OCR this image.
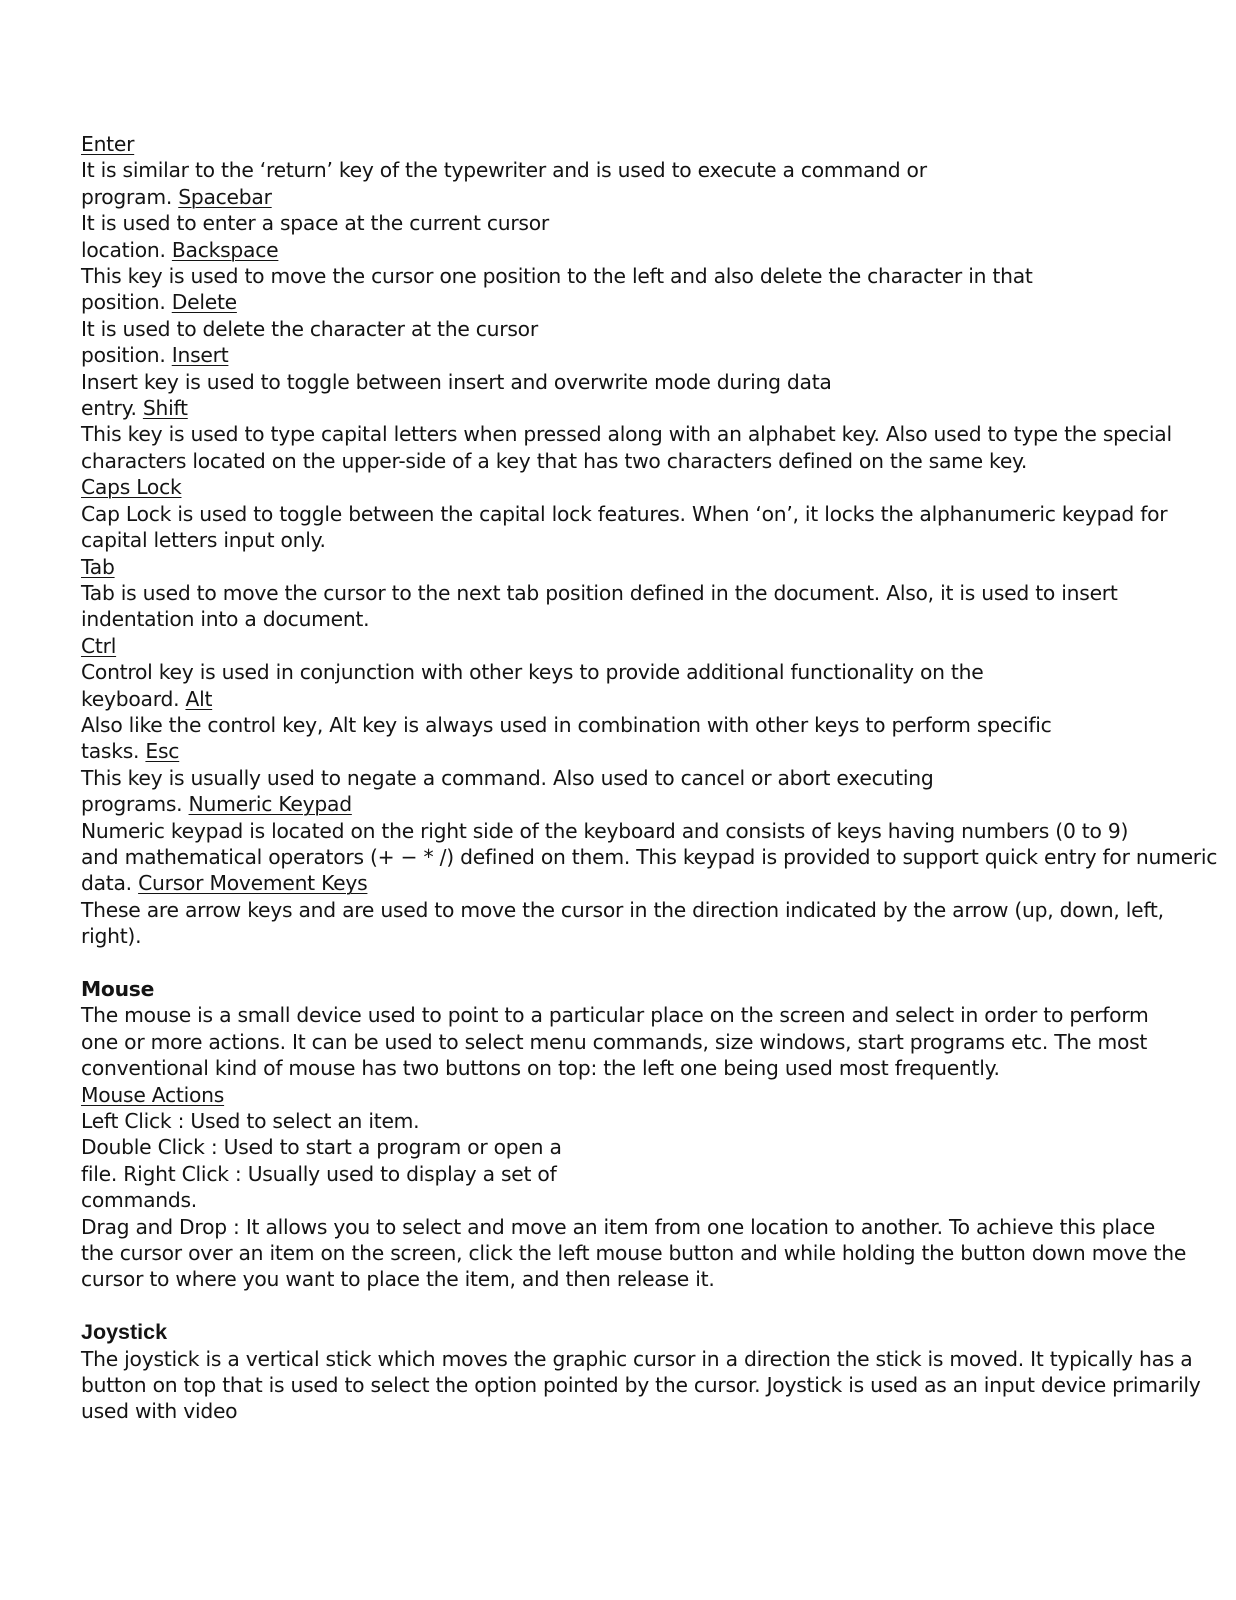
Enter
It is similar to the ‘return’ key of the typewriter and is used to execute a command or
program. Spacebar
It is used to enter a space at the current cursor
location. Backspace
This key is used to move the cursor one position to the left and also delete the character in that
position. Delete
It is used to delete the character at the cursor
position. Insert
Insert key is used to toggle between insert and overwrite mode during data
entry. Shift
This key is used to type capital letters when pressed along with an alphabet key. Also used to type the special
characters located on the upper-side of a key that has two characters defined on the same key.
Caps Lock
Cap Lock is used to toggle between the capital lock features. When ‘on’, it locks the alphanumeric keypad for
capital letters input only.
Tab
Tab is used to move the cursor to the next tab position defined in the document. Also, it is used to insert
indentation into a document.
Ctrl
Control key is used in conjunction with other keys to provide additional functionality on the
keyboard. Alt
Also like the control key, Alt key is always used in combination with other keys to perform specific
tasks. Esc
This key is usually used to negate a command. Also used to cancel or abort executing
programs. Numeric Keypad
Numeric keypad is located on the right side of the keyboard and consists of keys having numbers (0 to 9)
and mathematical operators (+ − * /) defined on them. This keypad is provided to support quick entry for numeric
data. Cursor Movement Keys
These are arrow keys and are used to move the cursor in the direction indicated by the arrow (up, down, left,
right).
Mouse
The mouse is a small device used to point to a particular place on the screen and select in order to perform
one or more actions. It can be used to select menu commands, size windows, start programs etc. The most
conventional kind of mouse has two buttons on top: the left one being used most frequently.
Mouse Actions
Left Click : Used to select an item.
Double Click : Used to start a program or open a
file. Right Click : Usually used to display a set of
commands.
Drag and Drop : It allows you to select and move an item from one location to another. To achieve this place
the cursor over an item on the screen, click the left mouse button and while holding the button down move the
cursor to where you want to place the item, and then release it.
Joystick
The joystick is a vertical stick which moves the graphic cursor in a direction the stick is moved. It typically has a
button on top that is used to select the option pointed by the cursor. Joystick is used as an input device primarily
used with video
